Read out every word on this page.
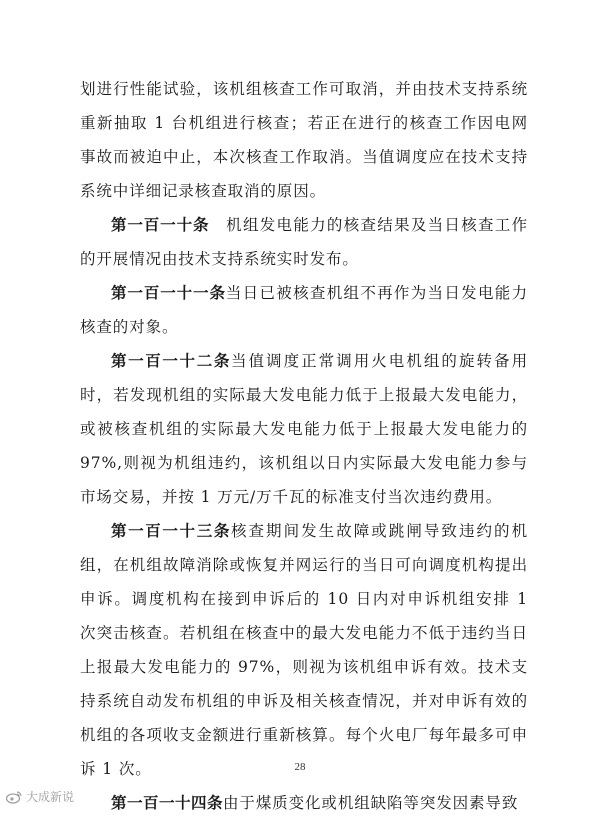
划进行性能试验，该机组核查工作可取消，并由技术支持系统重新抽取 1 台机组进行核查；若正在进行的核查工作因电网事故而被迫中止，本次核查工作取消。当值调度应在技术支持系统中详细记录核查取消的原因。

第一百一十条　机组发电能力的核查结果及当日核查工作的开展情况由技术支持系统实时发布。

第一百一十一条当日已被核查机组不再作为当日发电能力核查的对象。

第一百一十二条当值调度正常调用火电机组的旋转备用时，若发现机组的实际最大发电能力低于上报最大发电能力，或被核查机组的实际最大发电能力低于上报最大发电能力的97%,则视为机组违约，该机组以日内实际最大发电能力参与市场交易，并按 1 万元/万千瓦的标准支付当次违约费用。

第一百一十三条核查期间发生故障或跳闸导致违约的机组，在机组故障消除或恢复并网运行的当日可向调度机构提出申诉。调度机构在接到申诉后的 10 日内对申诉机组安排 1 次突击核查。若机组在核查中的最大发电能力不低于违约当日上报最大发电能力的 97%，则视为该机组申诉有效。技术支持系统自动发布机组的申诉及相关核查情况，并对申诉有效的机组的各项收支金额进行重新核算。每个火电厂每年最多可申诉 1 次。

第一百一十四条由于煤质变化或机组缺陷等突发因素导致

28
大成新说
